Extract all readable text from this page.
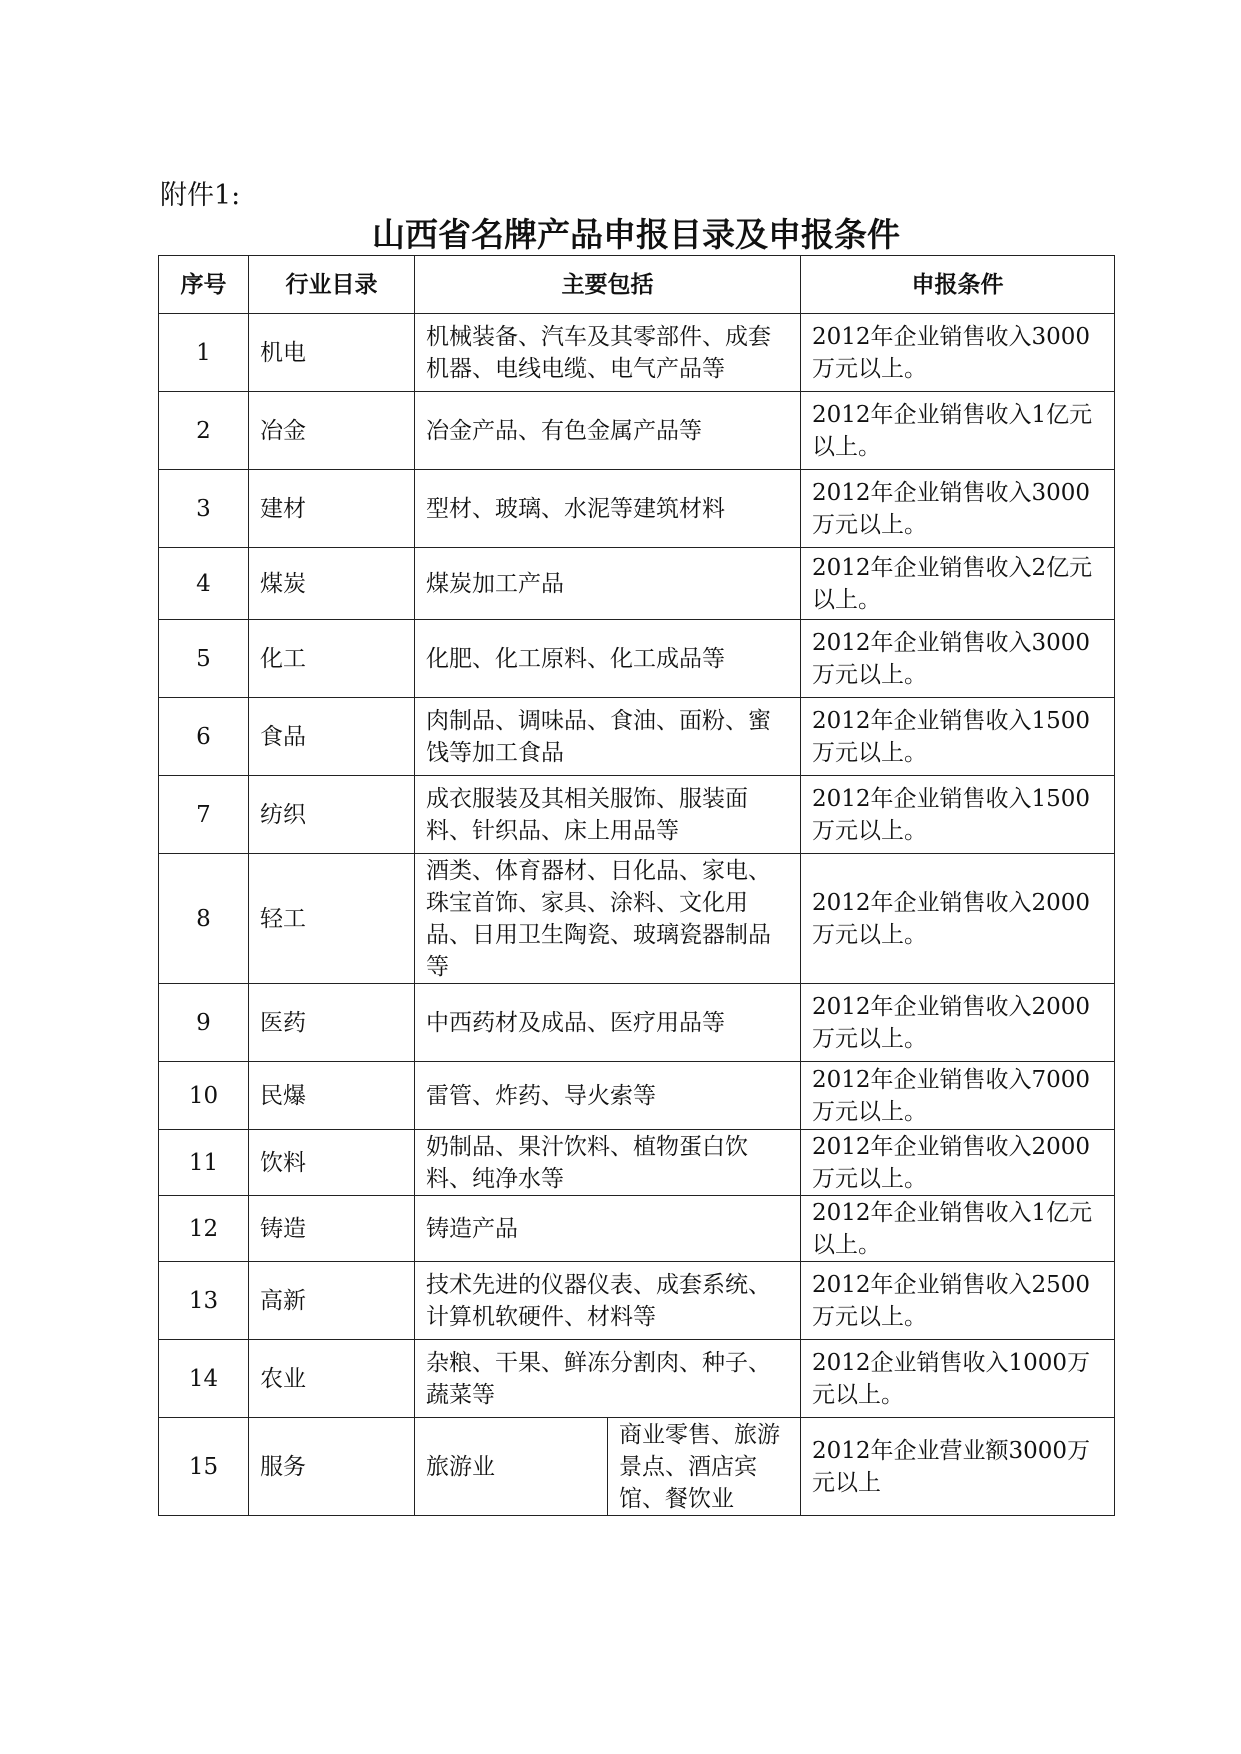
附件1:
山西省名牌产品申报目录及申报条件
序号	行业目录	主要包括		申报条件
1	机电	机械装备、汽车及其零部件、成套机器、电线电缆、电气产品等		2012年企业销售收入3000万元以上。
2	冶金	冶金产品、有色金属产品等		2012年企业销售收入1亿元以上。
3	建材	型材、玻璃、水泥等建筑材料		2012年企业销售收入3000万元以上。
4	煤炭	煤炭加工产品		2012年企业销售收入2亿元以上。
5	化工	化肥、化工原料、化工成品等		2012年企业销售收入3000万元以上。
6	食品	肉制品、调味品、食油、面粉、蜜饯等加工食品		2012年企业销售收入1500万元以上。
7	纺织	成衣服装及其相关服饰、服装面料、针织品、床上用品等		2012年企业销售收入1500万元以上。
8	轻工	酒类、体育器材、日化品、家电、珠宝首饰、家具、涂料、文化用品、日用卫生陶瓷、玻璃瓷器制品等		2012年企业销售收入2000万元以上。
9	医药	中西药材及成品、医疗用品等		2012年企业销售收入2000万元以上。
10	民爆	雷管、炸药、导火索等		2012年企业销售收入7000万元以上。
11	饮料	奶制品、果汁饮料、植物蛋白饮料、纯净水等		2012年企业销售收入2000万元以上。
12	铸造	铸造产品		2012年企业销售收入1亿元以上。
13	高新	技术先进的仪器仪表、成套系统、计算机软硬件、材料等		2012年企业销售收入2500万元以上。
14	农业	杂粮、干果、鲜冻分割肉、种子、蔬菜等		2012企业销售收入1000万元以上。
15	服务	旅游业	商业零售、旅游景点、酒店宾馆、餐饮业	2012年企业营业额3000万元以上
